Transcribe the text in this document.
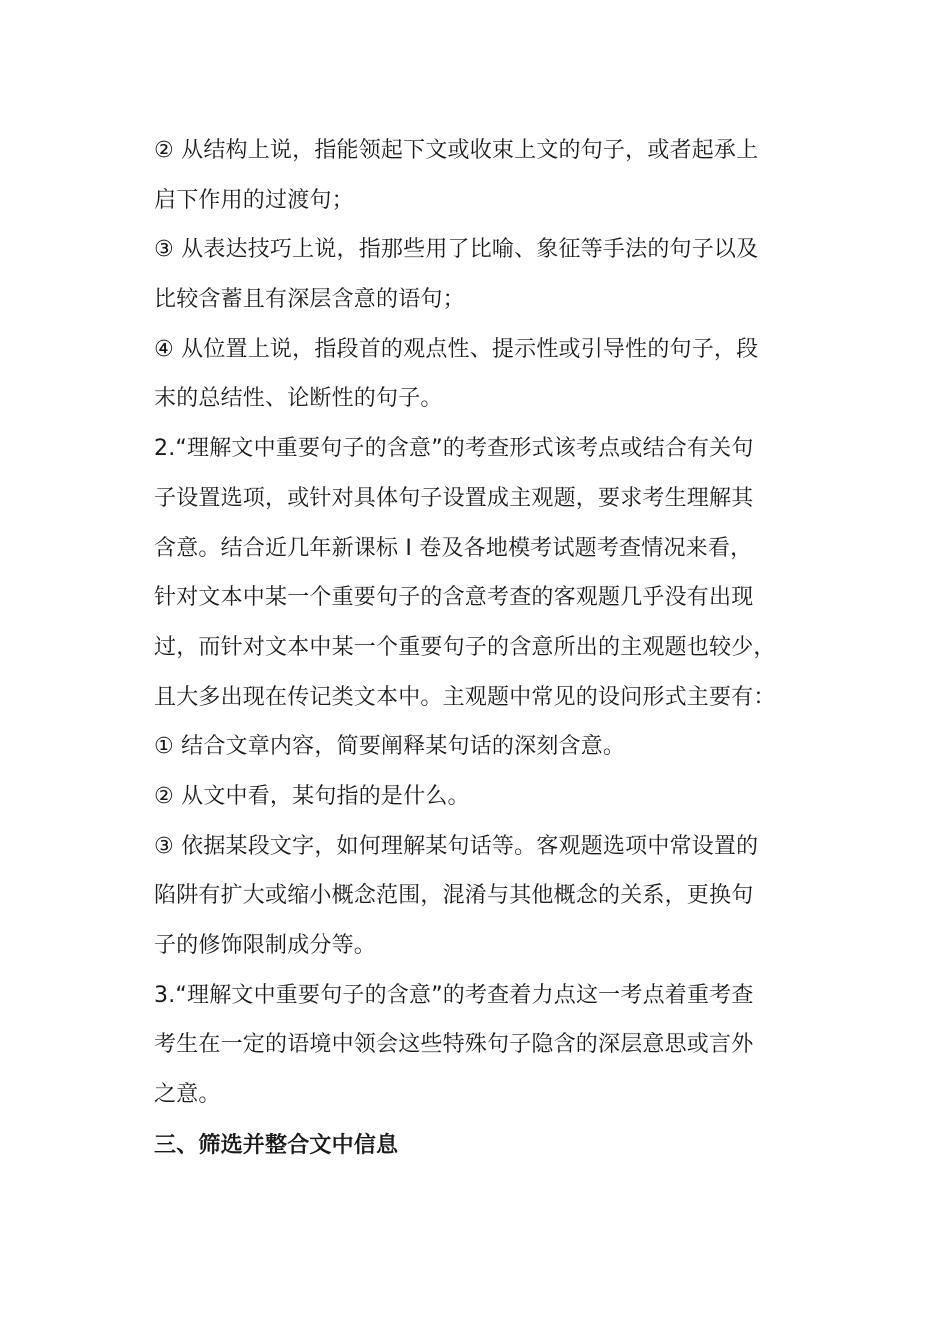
② 从结构上说，指能领起下文或收束上文的句子，或者起承上
启下作用的过渡句；
③ 从表达技巧上说，指那些用了比喻、象征等手法的句子以及
比较含蓄且有深层含意的语句；
④ 从位置上说，指段首的观点性、提示性或引导性的句子，段
末的总结性、论断性的句子。
2.“理解文中重要句子的含意”的考查形式该考点或结合有关句
子设置选项，或针对具体句子设置成主观题，要求考生理解其
含意。结合近几年新课标 I 卷及各地模考试题考查情况来看，
针对文本中某一个重要句子的含意考查的客观题几乎没有出现
过，而针对文本中某一个重要句子的含意所出的主观题也较少，
且大多出现在传记类文本中。主观题中常见的设问形式主要有：
① 结合文章内容，简要阐释某句话的深刻含意。
② 从文中看，某句指的是什么。
③ 依据某段文字，如何理解某句话等。客观题选项中常设置的
陷阱有扩大或缩小概念范围，混淆与其他概念的关系，更换句
子的修饰限制成分等。
3.“理解文中重要句子的含意”的考查着力点这一考点着重考查
考生在一定的语境中领会这些特殊句子隐含的深层意思或言外
之意。
三、筛选并整合文中信息
